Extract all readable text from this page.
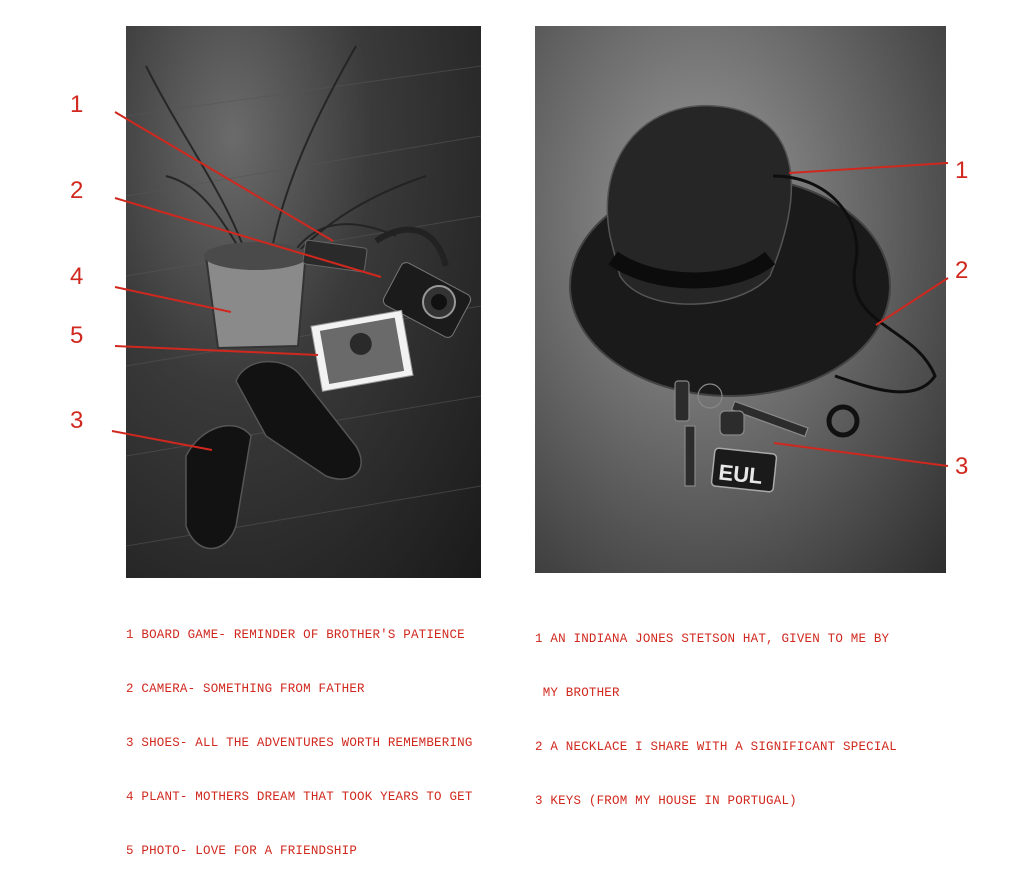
EUL
1
2
4
5
3
1
2
3

1 BOARD GAME- REMINDER OF BROTHER'S PATIENCE

2 CAMERA- SOMETHING FROM FATHER

3 SHOES- ALL THE ADVENTURES WORTH REMEMBERING

4 PLANT- MOTHERS DREAM THAT TOOK YEARS TO GET

5 PHOTO- LOVE FOR A FRIENDSHIP

1 AN INDIANA JONES STETSON HAT, GIVEN TO ME BY

MY BROTHER

2 A NECKLACE I SHARE WITH A SIGNIFICANT SPECIAL

3 KEYS (FROM MY HOUSE IN PORTUGAL)
